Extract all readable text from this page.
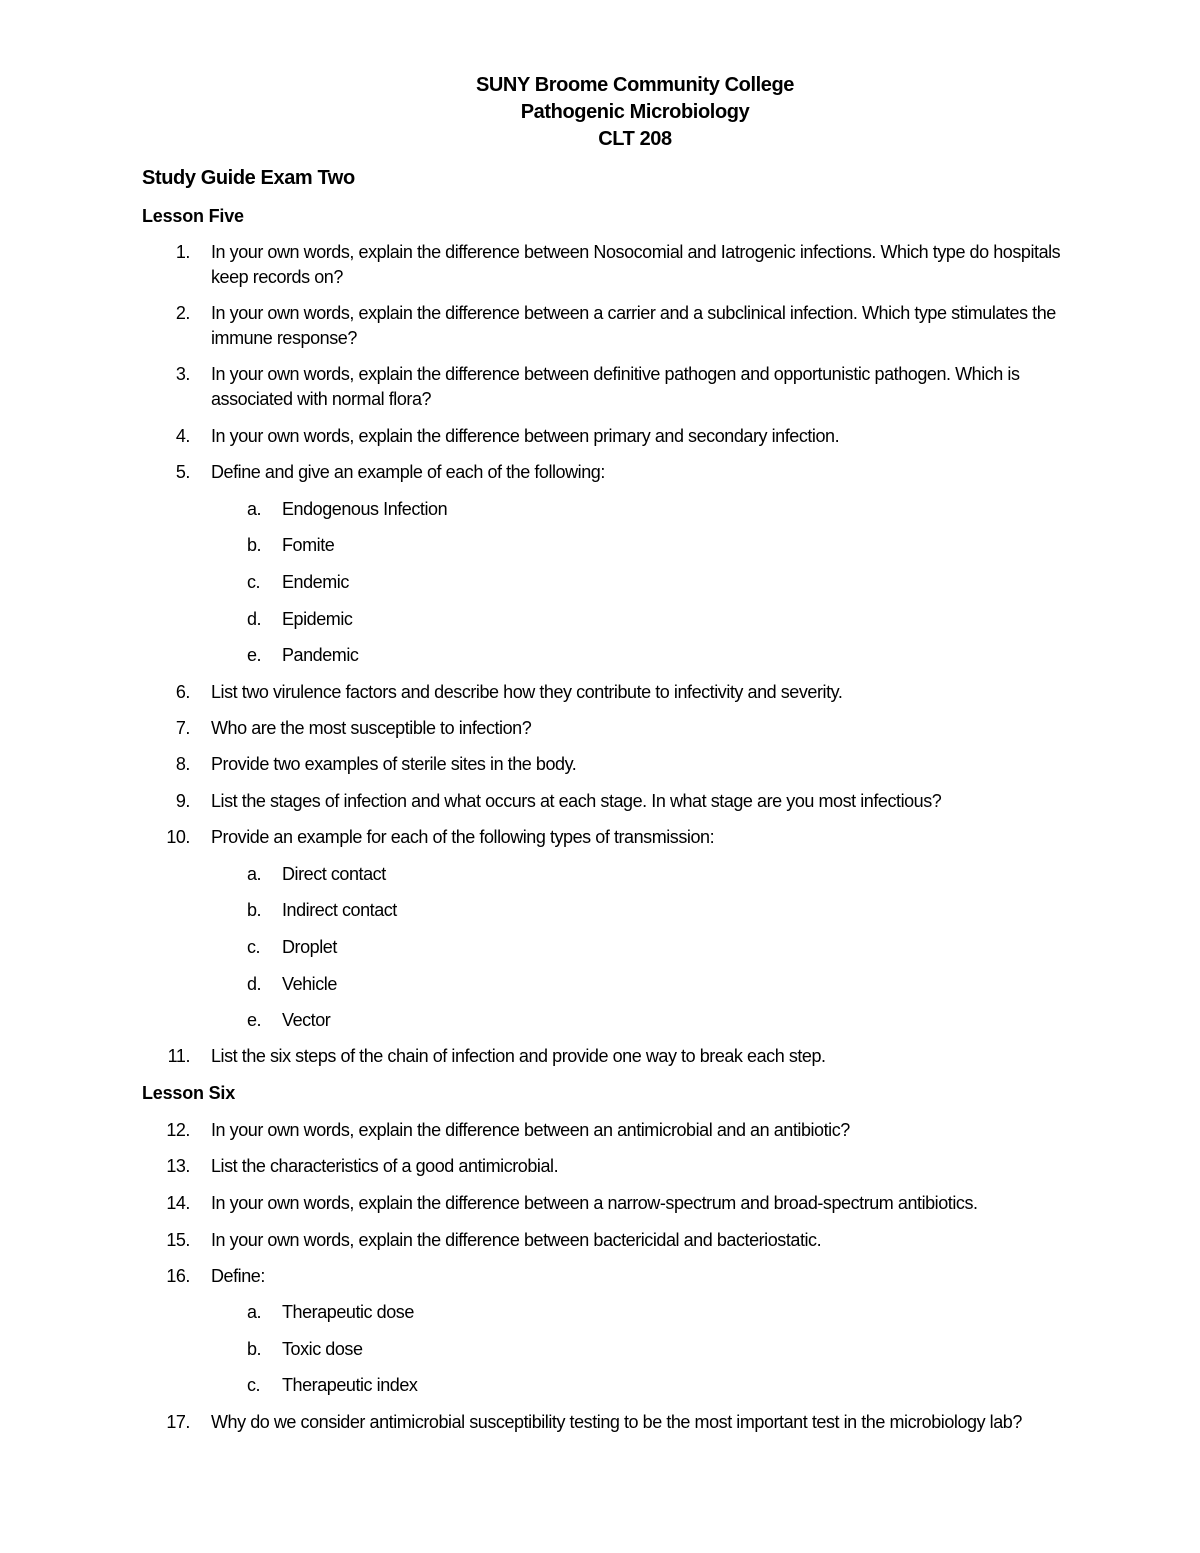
SUNY Broome Community College
Pathogenic Microbiology
CLT 208
Study Guide Exam Two
Lesson Five
1. In your own words, explain the difference between Nosocomial and Iatrogenic infections. Which type do hospitals keep records on?
2. In your own words, explain the difference between a carrier and a subclinical infection. Which type stimulates the immune response?
3. In your own words, explain the difference between definitive pathogen and opportunistic pathogen. Which is associated with normal flora?
4. In your own words, explain the difference between primary and secondary infection.
5. Define and give an example of each of the following:
a. Endogenous Infection
b. Fomite
c. Endemic
d. Epidemic
e. Pandemic
6. List two virulence factors and describe how they contribute to infectivity and severity.
7. Who are the most susceptible to infection?
8. Provide two examples of sterile sites in the body.
9. List the stages of infection and what occurs at each stage. In what stage are you most infectious?
10. Provide an example for each of the following types of transmission:
a. Direct contact
b. Indirect contact
c. Droplet
d. Vehicle
e. Vector
11. List the six steps of the chain of infection and provide one way to break each step.
Lesson Six
12. In your own words, explain the difference between an antimicrobial and an antibiotic?
13. List the characteristics of a good antimicrobial.
14. In your own words, explain the difference between a narrow-spectrum and broad-spectrum antibiotics.
15. In your own words, explain the difference between bactericidal and bacteriostatic.
16. Define:
a. Therapeutic dose
b. Toxic dose
c. Therapeutic index
17. Why do we consider antimicrobial susceptibility testing to be the most important test in the microbiology lab?
